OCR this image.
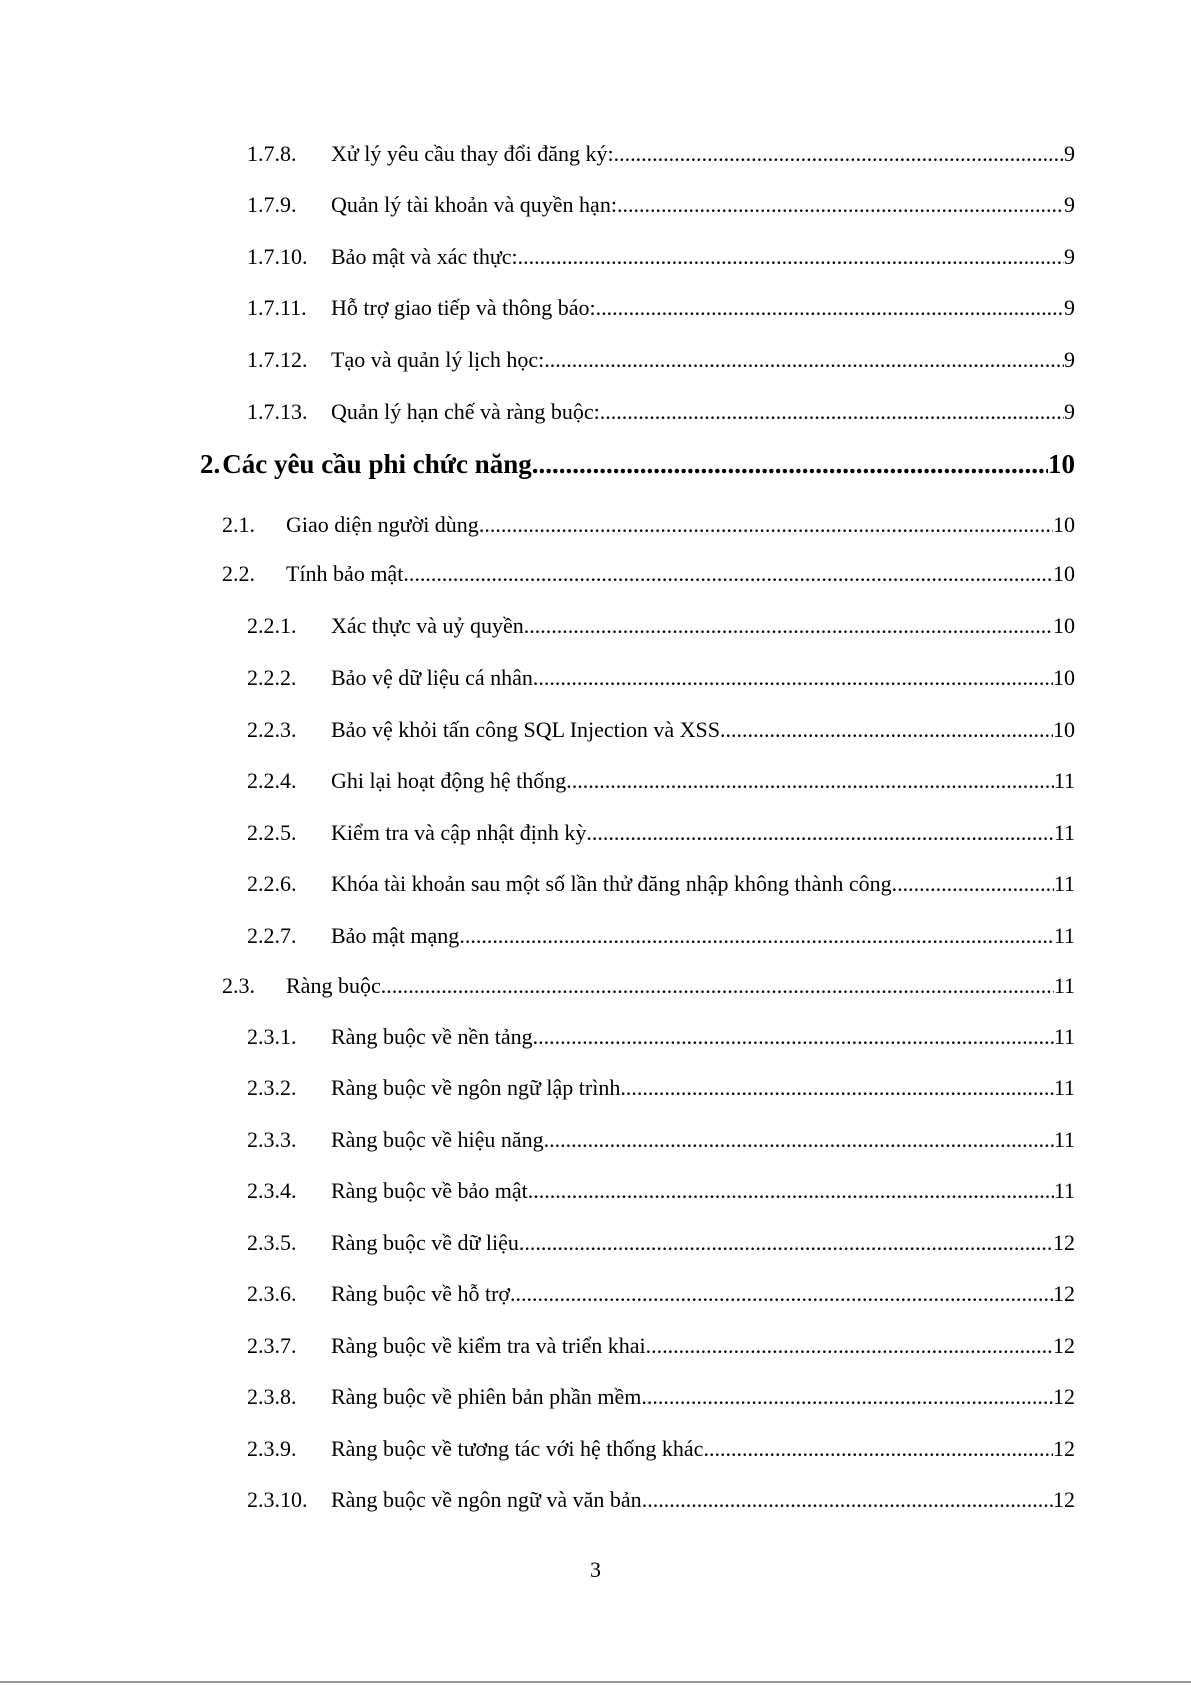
1.7.8.	Xử lý yêu cầu thay đổi đăng ký: .....	9
1.7.9.	Quản lý tài khoản và quyền hạn: .....	9
1.7.10.	Bảo mật và xác thực: .....	9
1.7.11.	Hỗ trợ giao tiếp và thông báo: .....	9
1.7.12.	Tạo và quản lý lịch học: .....	9
1.7.13.	Quản lý hạn chế và ràng buộc: .....	9
2. Các yêu cầu phi chức năng .....	10
2.1.	Giao diện người dùng .....	10
2.2.	Tính bảo mật .....	10
2.2.1.	Xác thực và uỷ quyền .....	10
2.2.2.	Bảo vệ dữ liệu cá nhân .....	10
2.2.3.	Bảo vệ khỏi tấn công SQL Injection và XSS .....	10
2.2.4.	Ghi lại hoạt động hệ thống .....	11
2.2.5.	Kiểm tra và cập nhật định kỳ .....	11
2.2.6.	Khóa tài khoản sau một số lần thử đăng nhập không thành công .....	11
2.2.7.	Bảo mật mạng .....	11
2.3.	Ràng buộc .....	11
2.3.1.	Ràng buộc về nền tảng .....	11
2.3.2.	Ràng buộc về ngôn ngữ lập trình .....	11
2.3.3.	Ràng buộc về hiệu năng .....	11
2.3.4.	Ràng buộc về bảo mật .....	11
2.3.5.	Ràng buộc về dữ liệu .....	12
2.3.6.	Ràng buộc về hỗ trợ .....	12
2.3.7.	Ràng buộc về kiểm tra và triển khai .....	12
2.3.8.	Ràng buộc về phiên bản phần mềm .....	12
2.3.9.	Ràng buộc về tương tác với hệ thống khác .....	12
2.3.10.	Ràng buộc về ngôn ngữ và văn bản .....	12
3
